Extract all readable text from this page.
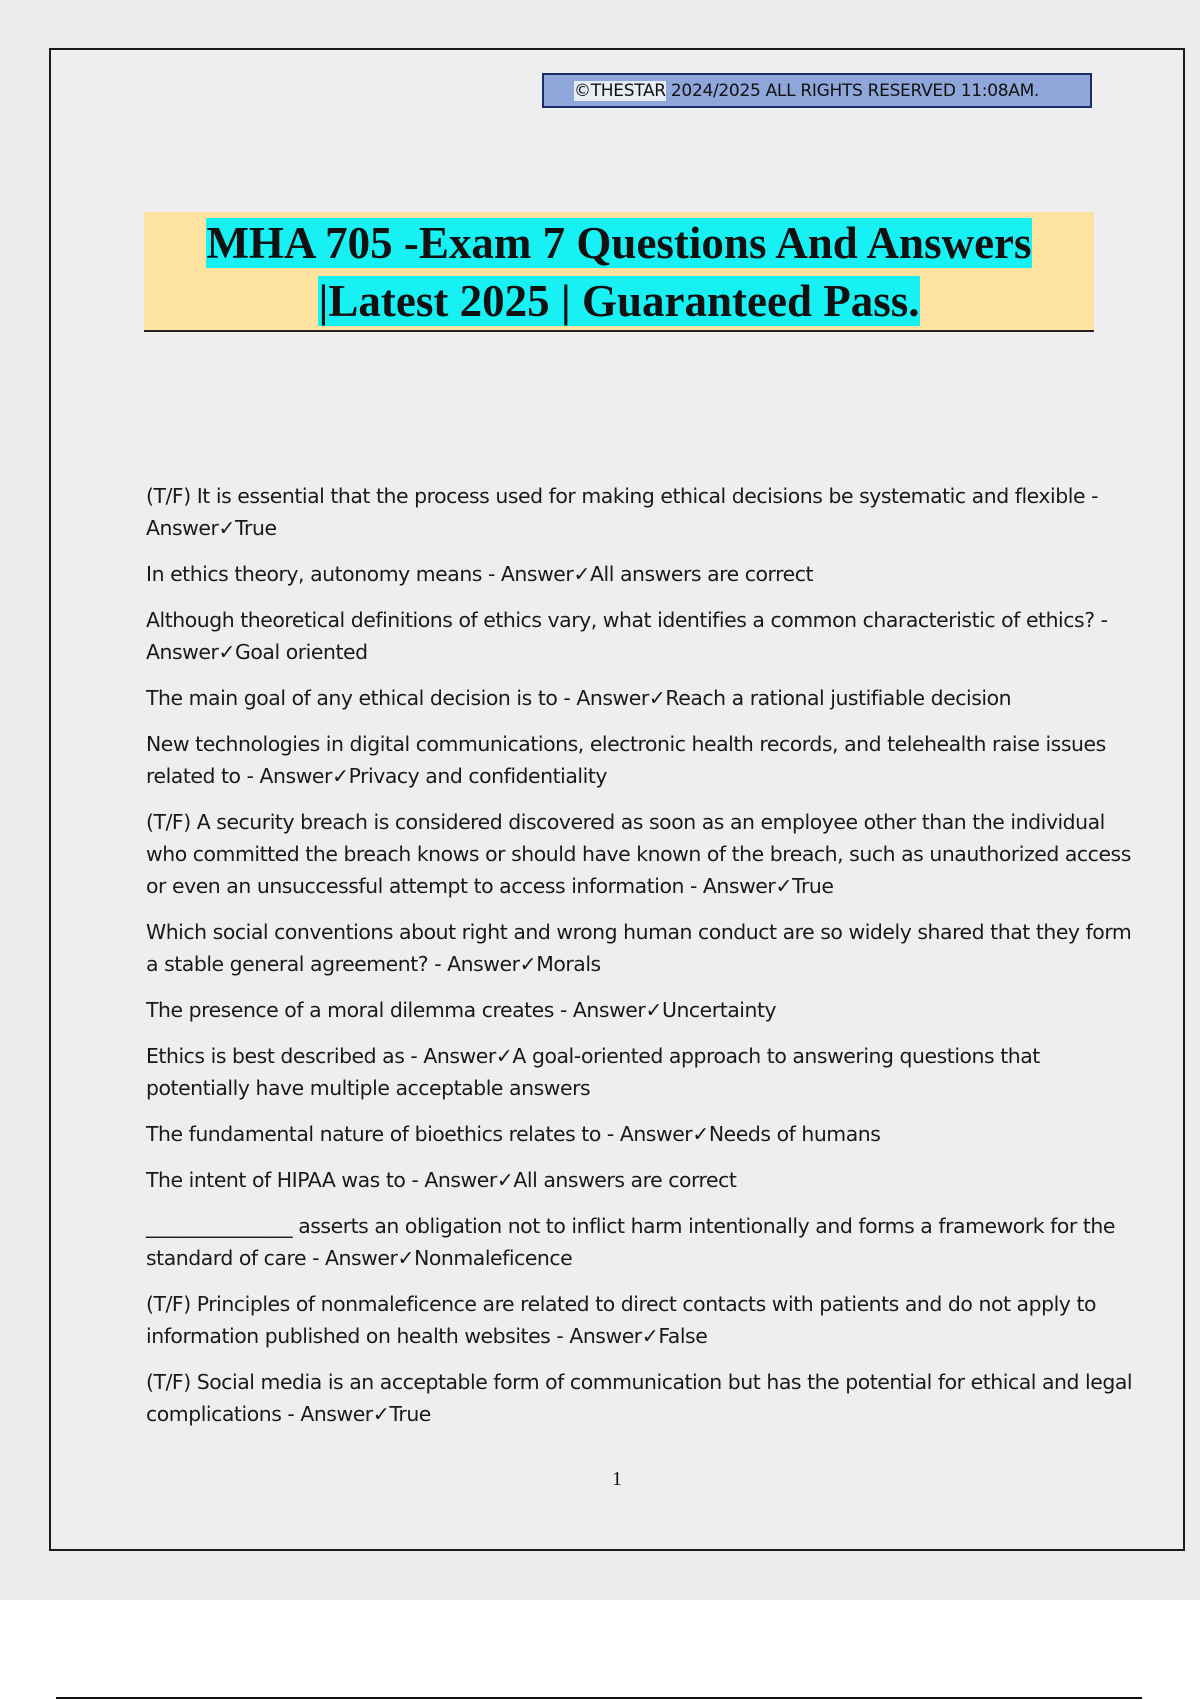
©THESTAR 2024/2025 ALL RIGHTS RESERVED 11:08AM.
MHA 705 -Exam 7 Questions And Answers
|Latest 2025 | Guaranteed Pass.
(T/F) It is essential that the process used for making ethical decisions be systematic and flexible - Answer✓True
In ethics theory, autonomy means - Answer✓All answers are correct
Although theoretical definitions of ethics vary, what identifies a common characteristic of ethics? - Answer✓Goal oriented
The main goal of any ethical decision is to - Answer✓Reach a rational justifiable decision
New technologies in digital communications, electronic health records, and telehealth raise issues related to - Answer✓Privacy and confidentiality
(T/F) A security breach is considered discovered as soon as an employee other than the individual who committed the breach knows or should have known of the breach, such as unauthorized access or even an unsuccessful attempt to access information - Answer✓True
Which social conventions about right and wrong human conduct are so widely shared that they form a stable general agreement? - Answer✓Morals
The presence of a moral dilemma creates - Answer✓Uncertainty
Ethics is best described as - Answer✓A goal-oriented approach to answering questions that potentially have multiple acceptable answers
The fundamental nature of bioethics relates to - Answer✓Needs of humans
The intent of HIPAA was to - Answer✓All answers are correct
_______________ asserts an obligation not to inflict harm intentionally and forms a framework for the standard of care - Answer✓Nonmaleficence
(T/F) Principles of nonmaleficence are related to direct contacts with patients and do not apply to information published on health websites - Answer✓False
(T/F) Social media is an acceptable form of communication but has the potential for ethical and legal complications - Answer✓True
1
